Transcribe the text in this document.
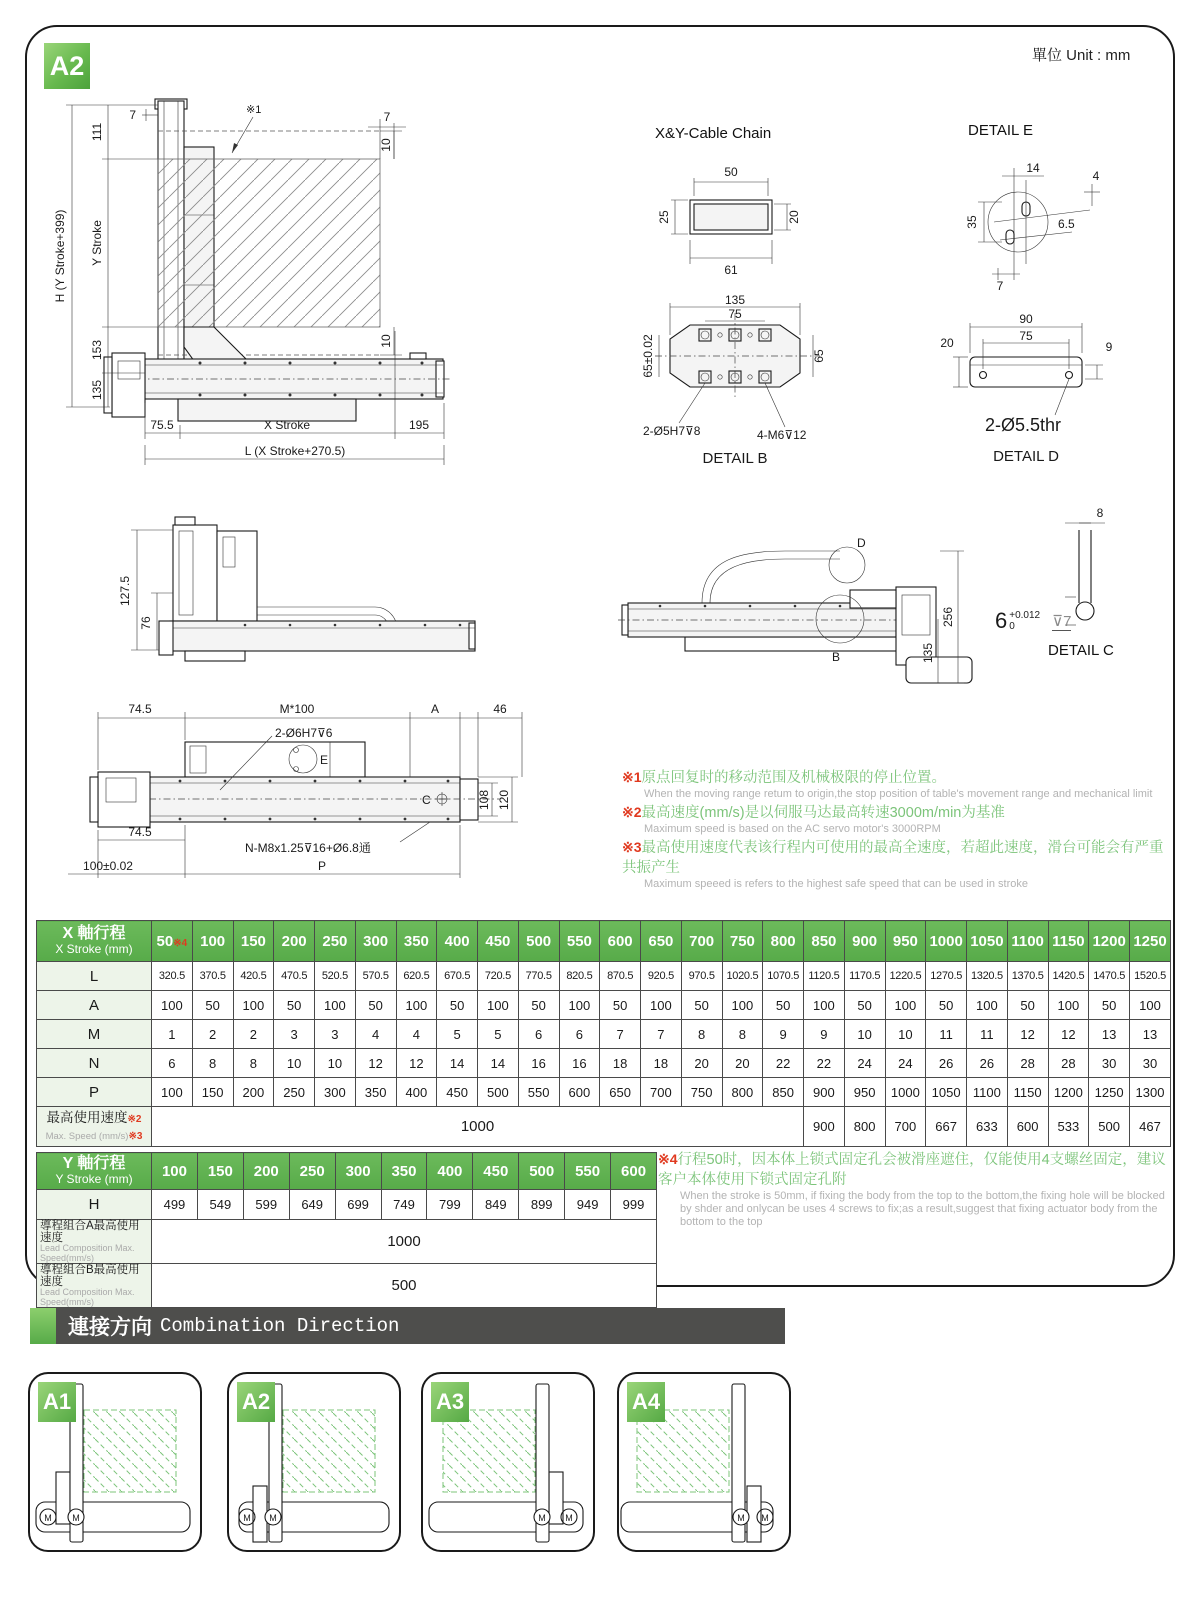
A2	單位 Unit : mm
H (Y Stroke+399)
111
Y Stroke
153
135
7	※1	7
10
10
75.5	X Stroke	195
L (X Stroke+270.5)
X&Y-Cable Chain
50
25	20
61
DETAIL E
14
4
35	6.5
7
135
75
65±0.02	65
2-Ø5H7⊽8	4-M6⊽12
DETAIL B
90
75
20	9
2-Ø5.5thr
DETAIL D
127.5
76
D
B
256
135
8
6 +0.012
0	⊽7
DETAIL C
E
C
74.5	M*100	A	46
2-Ø6H7⊽6
N-M8x1.25⊽16+Ø6.8通
74.5
100±0.02	P
108 120
※1原点回复时的移动范围及机械极限的停止位置。
When the moving range retum to origin,the stop position of table's movement range and mechanical limit
※2最高速度(mm/s)是以伺服马达最高转速3000m/min为基准
Maximum speed is based on the AC servo motor's 3000RPM
※3最高使用速度代表该行程内可使用的最高全速度，若超此速度，滑台可能会有严重共振产生
Maximum speeed is refers to the highest safe speed that can be used in stroke
X 軸行程
X Stroke (mm)	50※4	100	150	200	250	300	350	400	450	500	550	600	650	700	750	800	850	900	950	1000	1050	1100	1150	1200	1250
L	320.5	370.5	420.5	470.5	520.5	570.5	620.5	670.5	720.5	770.5	820.5	870.5	920.5	970.5	1020.5	1070.5	1120.5	1170.5	1220.5	1270.5	1320.5	1370.5	1420.5	1470.5	1520.5
A	100	50	100	50	100	50	100	50	100	50	100	50	100	50	100	50	100	50	100	50	100	50	100	50	100
M	1	2	2	3	3	4	4	5	5	6	6	7	7	8	8	9	9	10	10	11	11	12	12	13	13
N	6	8	8	10	10	12	12	14	14	16	16	18	18	20	20	22	22	24	24	26	26	28	28	30	30
P	100	150	200	250	300	350	400	450	500	550	600	650	700	750	800	850	900	950	1000	1050	1100	1150	1200	1250	1300

最高使用速度※2
Max. Speed (mm/s)※3	1000																900	800	700	667	633	600	533	500	467
※4行程50时，因本体上锁式固定孔会被滑座遮住，仅能使用4支螺丝固定，建议客户本体使用下锁式固定孔附
When the stroke is 50mm, if fixing the body from the top to the bottom,the fixing hole will be blocked by shder and onlycan be uses 4 screws to fix;as a result,suggest that fixing actuator body from the bottom to the top
Y 軸行程
Y Stroke (mm)	100	150	200	250	300	350	400	450	500	550	600
H	499	549	599	649	699	749	799	849	899	949	999

導程組合A最高使用速度
Lead Composition Max. Speed(mm/s)	1000										

導程組合B最高使用速度
Lead Composition Max. Speed(mm/s)	500										
連接方向 Combination Direction
M M
A1
M M
A2
M M
A3
M M
A4
